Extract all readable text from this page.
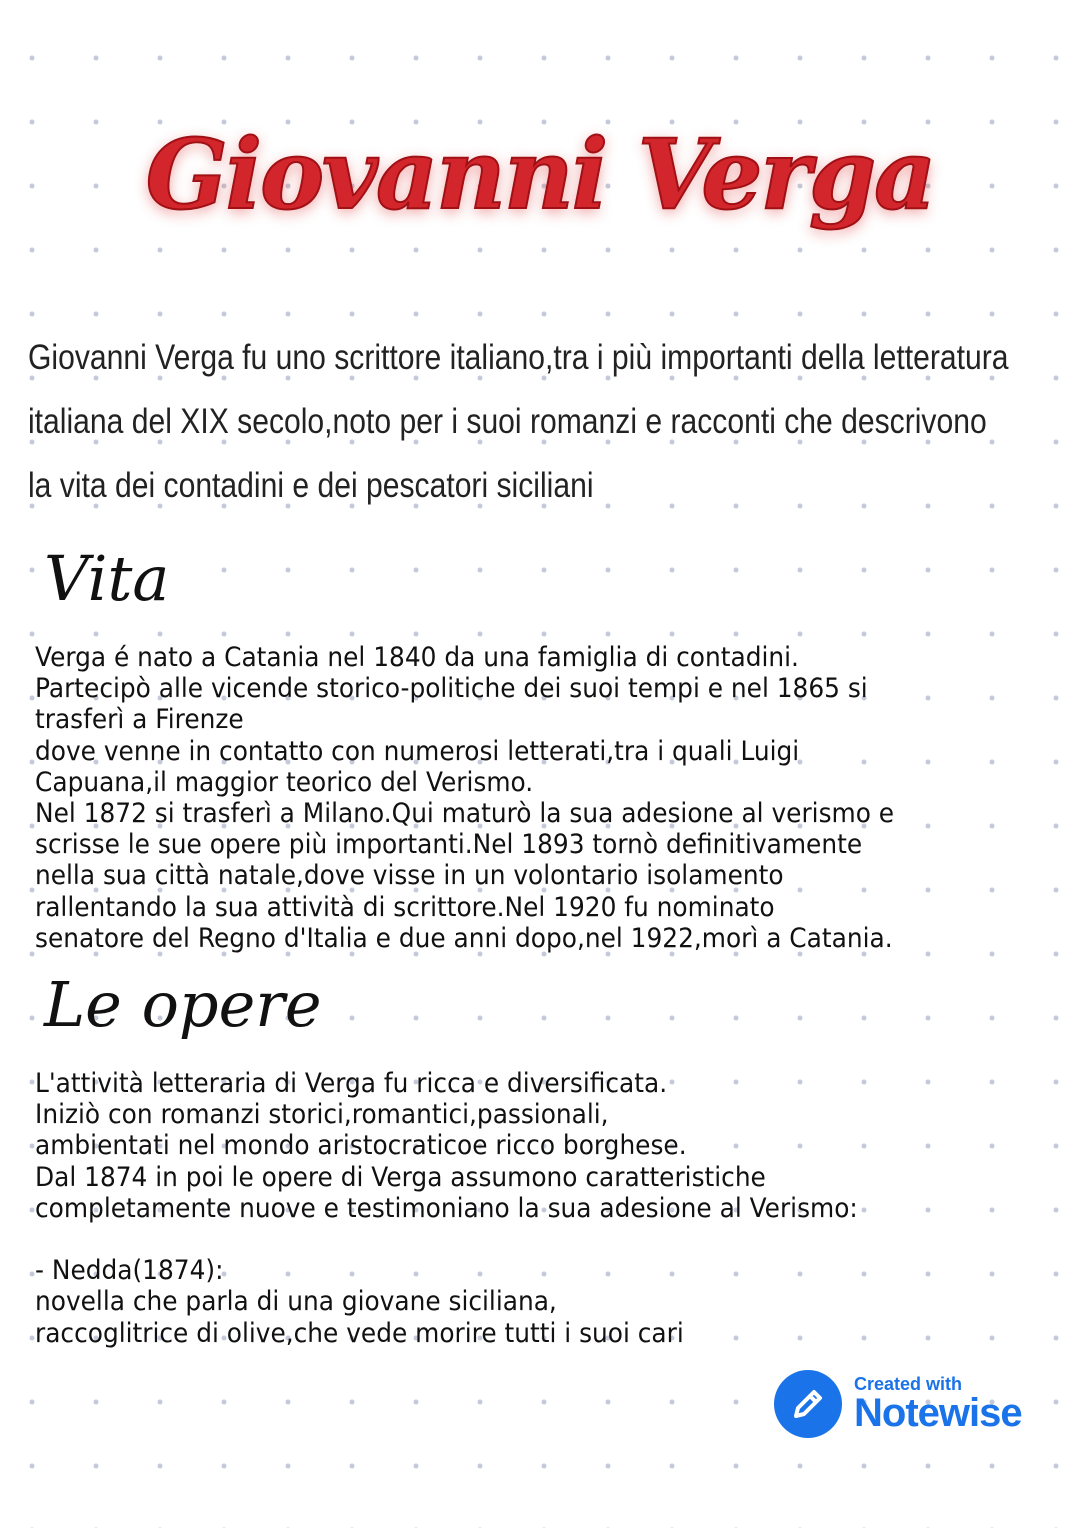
Giovanni Verga
Giovanni Verga fu uno scrittore italiano,tra i più importanti della letteratura
italiana del XIX secolo,noto per i suoi romanzi e racconti che descrivono
la vita dei contadini e dei pescatori siciliani
Vita
Verga é nato a Catania nel 1840 da una famiglia di contadini.
Partecipò alle vicende storico-politiche dei suoi tempi e nel 1865 si
trasferì a Firenze
dove venne in contatto con numerosi letterati,tra i quali Luigi
Capuana,il maggior teorico del Verismo.
Nel 1872 si trasferì a Milano.Qui maturò la sua adesione al verismo e
scrisse le sue opere più importanti.Nel 1893 tornò definitivamente
nella sua città natale,dove visse in un volontario isolamento
rallentando la sua attività di scrittore.Nel 1920 fu nominato
senatore del Regno d'Italia e due anni dopo,nel 1922,morì a Catania.
Le opere
L'attività letteraria di Verga fu ricca e diversificata.
Iniziò con romanzi storici,romantici,passionali,
ambientati nel mondo aristocraticoe ricco borghese.
Dal 1874 in poi le opere di Verga assumono caratteristiche
completamente nuove e testimoniano la sua adesione al Verismo:
- Nedda(1874):
novella che parla di una giovane siciliana,
raccoglitrice di olive,che vede morire tutti i suoi cari
Created with
Notewise
